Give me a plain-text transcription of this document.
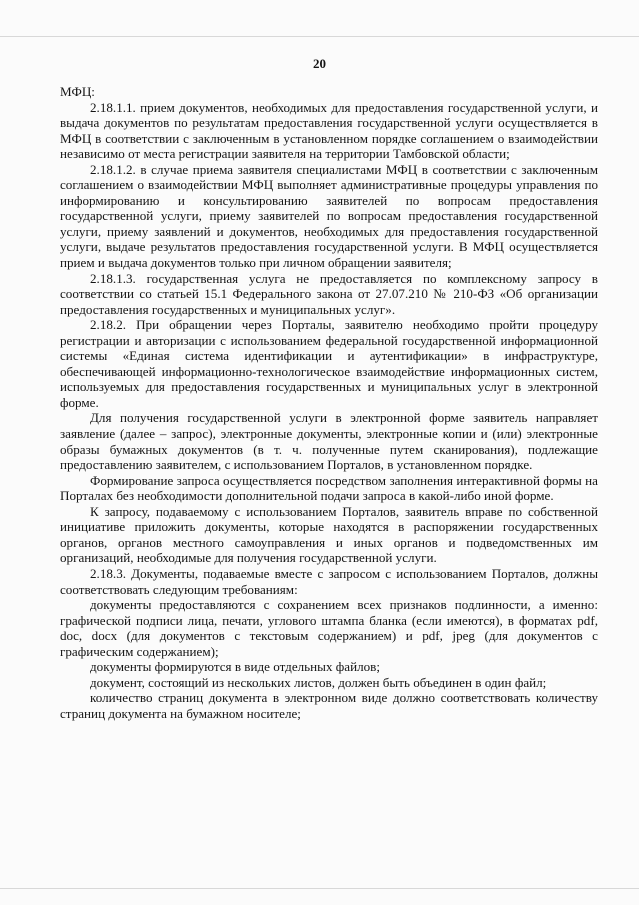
20

МФЦ:

2.18.1.1. прием документов, необходимых для предоставления государственной услуги, и выдача документов по результатам предоставления государственной услуги осуществляется в МФЦ в соответствии с заключенным в установленном порядке соглашением о взаимодействии независимо от места регистрации заявителя на территории Тамбовской области;

2.18.1.2. в случае приема заявителя специалистами МФЦ в соответствии с заключенным соглашением о взаимодействии МФЦ выполняет административные процедуры управления по информированию и консультированию заявителей по вопросам предоставления государственной услуги, приему заявителей по вопросам предоставления государственной услуги, приему заявлений и документов, необходимых для предоставления государственной услуги, выдаче результатов предоставления государственной услуги. В МФЦ осуществляется прием и выдача документов только при личном обращении заявителя;

2.18.1.3. государственная услуга не предоставляется по комплексному запросу в соответствии со статьей 15.1 Федерального закона от 27.07.210 № 210-ФЗ «Об организации предоставления государственных и муниципальных услуг».

2.18.2. При обращении через Порталы, заявителю необходимо пройти процедуру регистрации и авторизации с использованием федеральной государственной информационной системы «Единая система идентификации и аутентификации» в инфраструктуре, обеспечивающей информационно-технологическое взаимодействие информационных систем, используемых для предоставления государственных и муниципальных услуг в электронной форме.

Для получения государственной услуги в электронной форме заявитель направляет заявление (далее – запрос), электронные документы, электронные копии и (или) электронные образы бумажных документов (в т. ч. полученные путем сканирования), подлежащие предоставлению заявителем, с использованием Порталов, в установленном порядке.

Формирование запроса осуществляется посредством заполнения интерактивной формы на Порталах без необходимости дополнительной подачи запроса в какой-либо иной форме.

К запросу, подаваемому с использованием Порталов, заявитель вправе по собственной инициативе приложить документы, которые находятся в распоряжении государственных органов, органов местного самоуправления и иных органов и подведомственных им организаций, необходимые для получения государственной услуги.

2.18.3. Документы, подаваемые вместе с запросом с использованием Порталов, должны соответствовать следующим требованиям:

документы предоставляются с сохранением всех признаков подлинности, а именно: графической подписи лица, печати, углового штампа бланка (если имеются), в форматах pdf, doc, docx (для документов с текстовым содержанием) и pdf, jpeg (для документов с графическим содержанием);

документы формируются в виде отдельных файлов;

документ, состоящий из нескольких листов, должен быть объединен в один файл;

количество страниц документа в электронном виде должно соответствовать количеству страниц документа на бумажном носителе;
